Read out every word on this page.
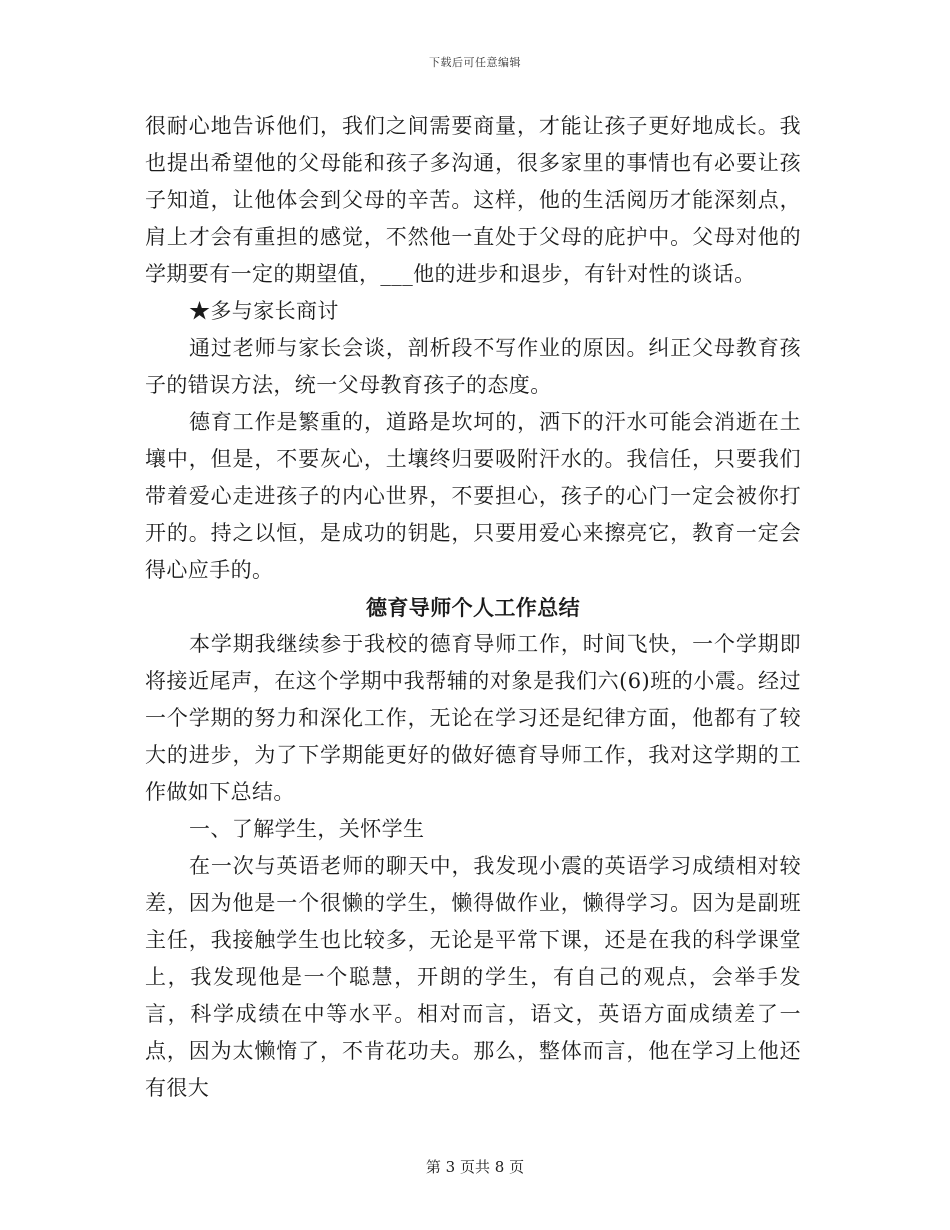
下载后可任意编辑

很耐心地告诉他们，我们之间需要商量，才能让孩子更好地成长。我也提出希望他的父母能和孩子多沟通，很多家里的事情也有必要让孩子知道，让他体会到父母的辛苦。这样，他的生活阅历才能深刻点，肩上才会有重担的感觉，不然他一直处于父母的庇护中。父母对他的学期要有一定的期望值，___他的进步和退步，有针对性的谈话。

★多与家长商讨

通过老师与家长会谈，剖析段不写作业的原因。纠正父母教育孩子的错误方法，统一父母教育孩子的态度。

德育工作是繁重的，道路是坎坷的，洒下的汗水可能会消逝在土壤中，但是，不要灰心，土壤终归要吸附汗水的。我信任，只要我们带着爱心走进孩子的内心世界，不要担心，孩子的心门一定会被你打开的。持之以恒，是成功的钥匙，只要用爱心来擦亮它，教育一定会得心应手的。

德育导师个人工作总结

本学期我继续参于我校的德育导师工作，时间飞快，一个学期即将接近尾声，在这个学期中我帮辅的对象是我们六(6)班的小震。经过一个学期的努力和深化工作，无论在学习还是纪律方面，他都有了较大的进步，为了下学期能更好的做好德育导师工作，我对这学期的工作做如下总结。

一、了解学生，关怀学生

在一次与英语老师的聊天中，我发现小震的英语学习成绩相对较差，因为他是一个很懒的学生，懒得做作业，懒得学习。因为是副班主任，我接触学生也比较多，无论是平常下课，还是在我的科学课堂上，我发现他是一个聪慧，开朗的学生，有自己的观点，会举手发言，科学成绩在中等水平。相对而言，语文，英语方面成绩差了一点，因为太懒惰了，不肯花功夫。那么，整体而言，他在学习上他还有很大

第 3 页共 8 页
